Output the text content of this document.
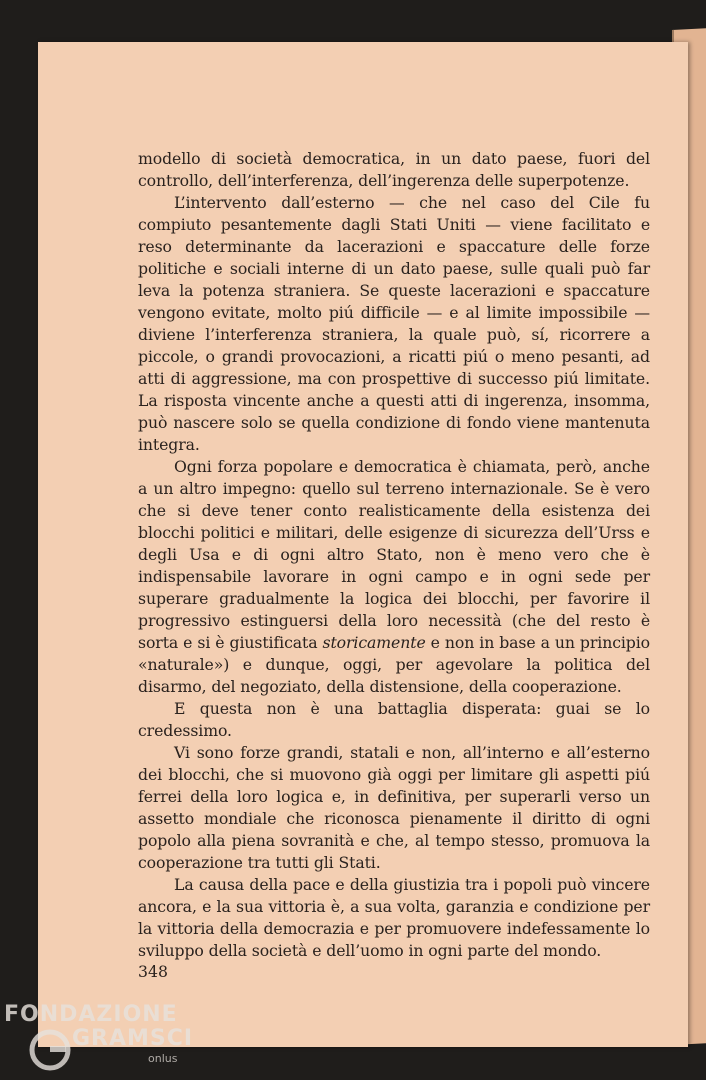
modello di società democratica, in un dato paese, fuori del controllo, dell’interferenza, dell’ingerenza delle superpotenze.

L’intervento dall’esterno — che nel caso del Cile fu compiuto pesantemente dagli Stati Uniti — viene facilitato e reso determinante da lacerazioni e spaccature delle forze politiche e sociali interne di un dato paese, sulle quali può far leva la potenza straniera. Se queste lacerazioni e spaccature vengono evitate, molto piú difficile — e al limite impossibile — diviene l’interferenza straniera, la quale può, sí, ricorrere a piccole, o grandi provocazioni, a ricatti piú o meno pesanti, ad atti di aggressione, ma con prospettive di successo piú limitate. La risposta vincente anche a questi atti di ingerenza, insomma, può nascere solo se quella condizione di fondo viene mantenuta integra.

Ogni forza popolare e democratica è chiamata, però, anche a un altro impegno: quello sul terreno internazionale. Se è vero che si deve tener conto realisticamente della esistenza dei blocchi politici e militari, delle esigenze di sicurezza dell’Urss e degli Usa e di ogni altro Stato, non è meno vero che è indispensabile lavorare in ogni campo e in ogni sede per superare gradualmente la logica dei blocchi, per favorire il progressivo estinguersi della loro necessità (che del resto è sorta e si è giustificata storicamente e non in base a un principio «naturale») e dunque, oggi, per agevolare la politica del disarmo, del negoziato, della distensione, della cooperazione.

E questa non è una battaglia disperata: guai se lo credessimo.

Vi sono forze grandi, statali e non, all’interno e all’esterno dei blocchi, che si muovono già oggi per limitare gli aspetti piú ferrei della loro logica e, in definitiva, per superarli verso un assetto mondiale che riconosca pienamente il diritto di ogni popolo alla piena sovranità e che, al tempo stesso, promuova la cooperazione tra tutti gli Stati.

La causa della pace e della giustizia tra i popoli può vincere ancora, e la sua vittoria è, a sua volta, garanzia e condizione per la vittoria della democrazia e per promuovere indefessamente lo sviluppo della società e dell’uomo in ogni parte del mondo.

348
FONDAZIONE
GRAMSCI
onlus
